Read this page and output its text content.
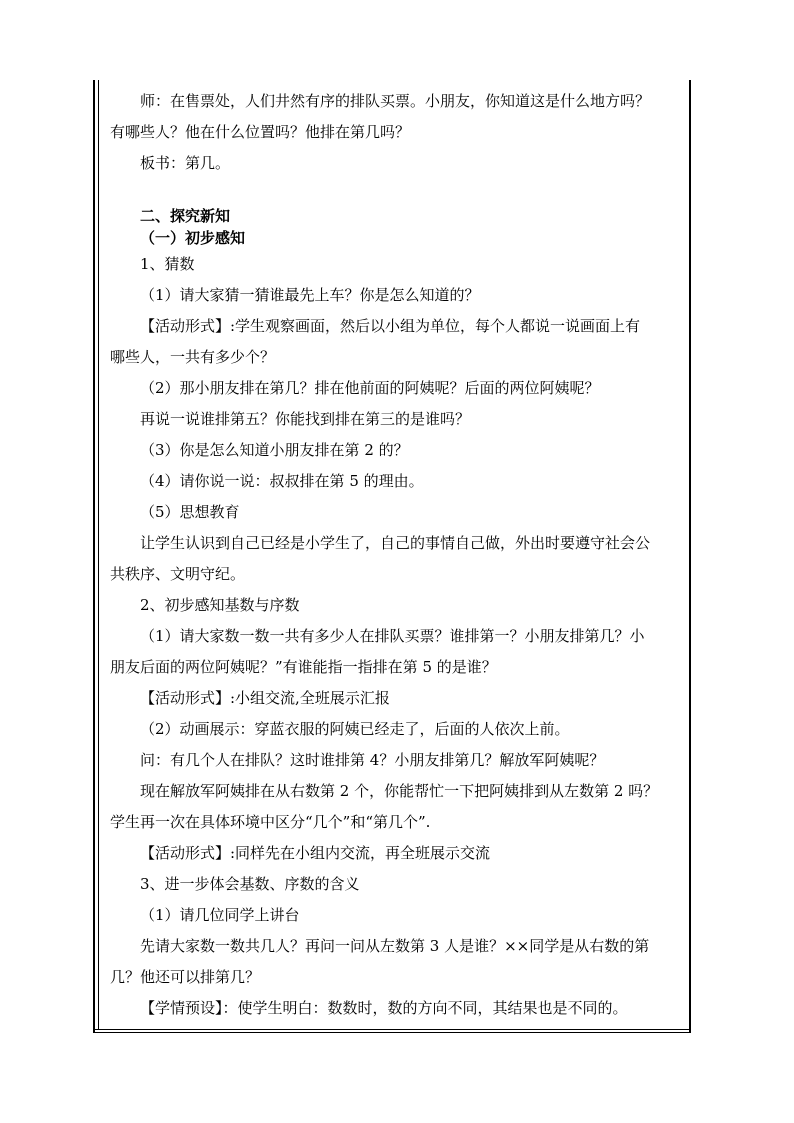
师：在售票处，人们井然有序的排队买票。小朋友，你知道这是什么地方吗？

有哪些人？他在什么位置吗？他排在第几吗？

板书：第几。

二、探究新知

（一）初步感知

1、猜数

（1）请大家猜一猜谁最先上车？你是怎么知道的？

【活动形式】:学生观察画面，然后以小组为单位，每个人都说一说画面上有

哪些人，一共有多少个？

（2）那小朋友排在第几？排在他前面的阿姨呢？后面的两位阿姨呢？

再说一说谁排第五？你能找到排在第三的是谁吗？

（3）你是怎么知道小朋友排在第 2 的？

（4）请你说一说：叔叔排在第 5 的理由。

（5）思想教育

让学生认识到自己已经是小学生了，自己的事情自己做，外出时要遵守社会公

共秩序、文明守纪。

2、初步感知基数与序数

（1）请大家数一数一共有多少人在排队买票？谁排第一？小朋友排第几？小

朋友后面的两位阿姨呢？”有谁能指一指排在第 5 的是谁？

【活动形式】:小组交流,全班展示汇报

（2）动画展示：穿蓝衣服的阿姨已经走了，后面的人依次上前。

问：有几个人在排队？这时谁排第 4？小朋友排第几？解放军阿姨呢？

现在解放军阿姨排在从右数第 2 个，你能帮忙一下把阿姨排到从左数第 2 吗？

学生再一次在具体环境中区分“几个”和“第几个”.

【活动形式】:同样先在小组内交流，再全班展示交流

3、进一步体会基数、序数的含义

（1）请几位同学上讲台

先请大家数一数共几人？再问一问从左数第 3 人是谁？××同学是从右数的第

几？他还可以排第几？

【学情预设】：使学生明白：数数时，数的方向不同，其结果也是不同的。
